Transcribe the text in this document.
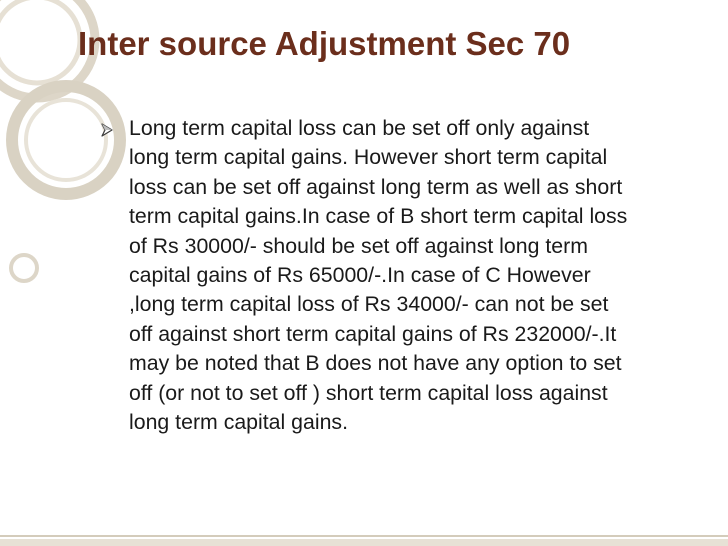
Inter source Adjustment Sec 70

Long term capital loss can be set off only against
long term capital gains. However short term capital
loss can be set off against long term as well as short
term capital gains.In case of B short term capital loss
of Rs 30000/- should be set off against long term
capital gains of Rs 65000/-.In case of C However
,long term capital loss of Rs 34000/- can not be set
off against short term capital gains of Rs 232000/-.It
may be noted that B does not have any option to set
off (or not to set off ) short term capital loss against
long term capital gains.
